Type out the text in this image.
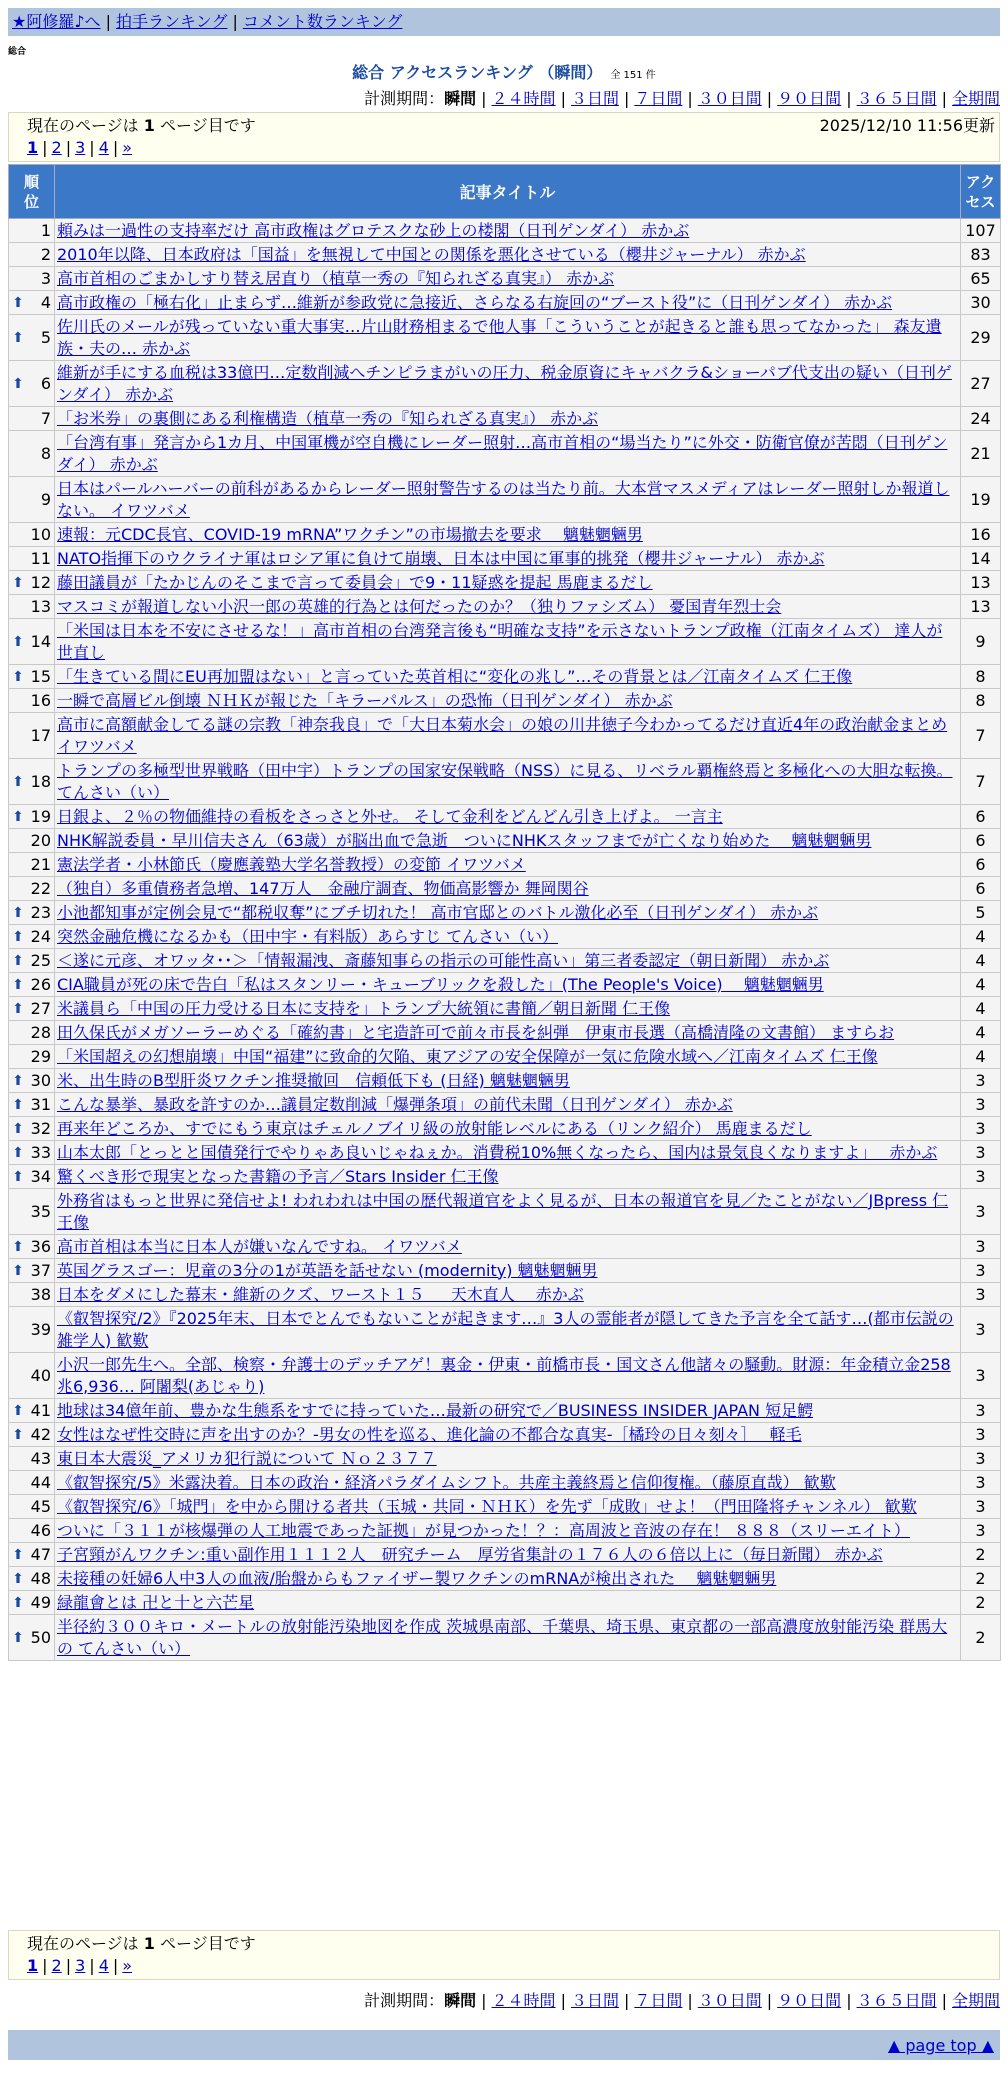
★阿修羅♪へ | 拍手ランキング | コメント数ランキング
総合
総合 アクセスランキング （瞬間） 全 151 件
計測期間：瞬間 | ２４時間 | ３日間 | ７日間 | ３０日間 | ９０日間 | ３６５日間 | 全期間
現在のページは 1 ページ目です	2025/12/10 11:56更新
1 | 2 | 3 | 4 | »
順位	記事タイトル	アクセス
1	頼みは一過性の支持率だけ 高市政権はグロテスクな砂上の楼閣（日刊ゲンダイ） 赤かぶ	107
2	2010年以降、日本政府は「国益」を無視して中国との関係を悪化させている（櫻井ジャーナル） 赤かぶ	83
3	高市首相のごまかしすり替え居直り（植草一秀の『知られざる真実』） 赤かぶ	65

⬆ 4	高市政権の「極右化」止まらず…維新が参政党に急接近、さらなる右旋回の“ブースト役”に（日刊ゲンダイ） 赤かぶ	30

⬆ 5	佐川氏のメールが残っていない重大事実…片山財務相まるで他人事「こういうことが起きると誰も思ってなかった」 森友遺族・夫の… 赤かぶ	29

⬆ 6	維新が手にする血税は33億円…定数削減へチンピラまがいの圧力、税金原資にキャバクラ&ショーパブ代支出の疑い（日刊ゲンダイ） 赤かぶ	27
7	「お米券」の裏側にある利権構造（植草一秀の『知られざる真実』） 赤かぶ	24
8	「台湾有事」発言から1カ月、中国軍機が空自機にレーダー照射…高市首相の“場当たり”に外交・防衛官僚が苦悶（日刊ゲンダイ） 赤かぶ	21
9	日本はパールハーバーの前科があるからレーダー照射警告するのは当たり前。大本営マスメディアはレーダー照射しか報道しない。 イワツバメ	19
10	速報：元CDC長官、COVID-19 mRNA”ワクチン”の市場撤去を要求　 魑魅魍魎男	16
11	NATO指揮下のウクライナ軍はロシア軍に負けて崩壊、日本は中国に軍事的挑発（櫻井ジャーナル） 赤かぶ	14

⬆ 12	藤田議員が「たかじんのそこまで言って委員会」で9・11疑惑を提起 馬鹿まるだし	13
13	マスコミが報道しない小沢一郎の英雄的行為とは何だったのか？（独りファシズム） 憂国青年烈士会	13

⬆ 14	「米国は日本を不安にさせるな！」高市首相の台湾発言後も“明確な支持”を示さないトランプ政権（江南タイムズ） 達人が世直し	9

⬆ 15	「生きている間にEU再加盟はない」と言っていた英首相に“変化の兆し”…その背景とは／江南タイムズ 仁王像	8
16	一瞬で高層ビル倒壊 ＮＨＫが報じた「キラーパルス」の恐怖（日刊ゲンダイ） 赤かぶ	8
17	高市に高額献金してる謎の宗教「神奈我良」で「大日本菊水会」の娘の川井徳子今わかってるだけ直近4年の政治献金まとめ イワツバメ	7

⬆ 18	トランプの多極型世界戦略（田中宇）トランプの国家安保戦略（NSS）に見る、リベラル覇権終焉と多極化への大胆な転換。 てんさい（い）	7

⬆ 19	日銀よ、２％の物価維持の看板をさっさと外せ。 そして金利をどんどん引き上げよ。 一言主	6
20	NHK解説委員・早川信夫さん（63歳）が脳出血で急逝　ついにNHKスタッフまでが亡くなり始めた　 魑魅魍魎男	6
21	憲法学者・小林節氏（慶應義塾大学名誉教授）の変節 イワツバメ	6
22	（独自）多重債務者急増、147万人　金融庁調査、物価高影響か 舞岡関谷	6

⬆ 23	小池都知事が定例会見で“都税収奪”にブチ切れた！ 高市官邸とのバトル激化必至（日刊ゲンダイ） 赤かぶ	5

⬆ 24	突然金融危機になるかも（田中宇・有料版）あらすじ てんさい（い）	4

⬆ 25	＜遂に元彦、オワッタ･･＞「情報漏洩、斎藤知事らの指示の可能性高い」第三者委認定（朝日新聞） 赤かぶ	4

⬆ 26	CIA職員が死の床で告白「私はスタンリー・キューブリックを殺した」(The People's Voice)　 魑魅魍魎男	4

⬆ 27	米議員ら「中国の圧力受ける日本に支持を」トランプ大統領に書簡／朝日新聞 仁王像	4
28	田久保氏がメガソーラーめぐる「確約書」と宅造許可で前々市長を糾弾　伊東市長選（高橋清隆の文書館） ますらお	4
29	「米国超えの幻想崩壊」中国“福建”に致命的欠陥、東アジアの安全保障が一気に危険水域へ／江南タイムズ 仁王像	4

⬆ 30	米、出生時のB型肝炎ワクチン推奨撤回　信頼低下も (日経) 魑魅魍魎男	3

⬆ 31	こんな暴挙、暴政を許すのか…議員定数削減「爆弾条項」の前代未聞（日刊ゲンダイ） 赤かぶ	3

⬆ 32	再来年どころか、すでにもう東京はチェルノブイリ級の放射能レベルにある（リンク紹介） 馬鹿まるだし	3

⬆ 33	山本太郎「とっとと国債発行でやりゃあ良いじゃねぇか。消費税10%無くなったら、国内は景気良くなりますよ」　 赤かぶ	3

⬆ 34	驚くべき形で現実となった書籍の予言／Stars Insider 仁王像	3
35	外務省はもっと世界に発信せよ! われわれは中国の歴代報道官をよく見るが、日本の報道官を見／たことがない／JBpress 仁王像	3

⬆ 36	高市首相は本当に日本人が嫌いなんですね。 イワツバメ	3

⬆ 37	英国グラスゴー：児童の3分の1が英語を話せない (modernity) 魑魅魍魎男	3
38	日本をダメにした幕末・維新のクズ、ワースト１５ 　 天木直人　 赤かぶ	3
39	《叡智探究/2》『2025年末、日本でとんでもないことが起きます…』3人の霊能者が隠してきた予言を全て話す…(都市伝説の雑学人) 歓歎	3
40	小沢一郎先生へ。全部、検察・弁護士のデッチアゲ！裏金・伊東・前橋市長・国文さん他諸々の騒動。財源：年金積立金258兆6,936… 阿闍梨(あじゃり)	3

⬆ 41	地球は34億年前、豊かな生態系をすでに持っていた…最新の研究で／BUSINESS INSIDER JAPAN 短足鰐	3

⬆ 42	女性はなぜ性交時に声を出すのか？-男女の性を巡る、進化論の不都合な真実-［橘玲の日々刻々］　 軽毛	3
43	東日本大震災_アメリカ犯行説について Ｎｏ２３７７	3
44	《叡智探究/5》米露決着。日本の政治・経済パラダイムシフト。共産主義終焉と信仰復権。（藤原直哉） 歓歎	3
45	《叡智探究/6》「城門」を中から開ける者共（玉城・共同・ＮＨＫ）を先ず「成敗」せよ！（門田隆将チャンネル） 歓歎	3
46	ついに「３１１が核爆弾の人工地震であった証拠」が見つかった！？：高周波と音波の存在！ ８８８（スリーエイト）	3

⬆ 47	子宮頸がんワクチン:重い副作用１１１２人　研究チーム　厚労省集計の１７６人の６倍以上に（毎日新聞） 赤かぶ	2

⬆ 48	未接種の妊婦6人中3人の血液/胎盤からもファイザー製ワクチンのmRNAが検出された　 魑魅魍魎男	2

⬆ 49	緑龍會とは 卍と十と六芒星	2

⬆ 50	半径約３００キロ・メートルの放射能汚染地図を作成 茨城県南部、千葉県、埼玉県、東京都の一部高濃度放射能汚染 群馬大の てんさい（い）	2
現在のページは 1 ページ目です
1 | 2 | 3 | 4 | »
計測期間：瞬間 | ２４時間 | ３日間 | ７日間 | ３０日間 | ９０日間 | ３６５日間 | 全期間
▲ page top ▲
